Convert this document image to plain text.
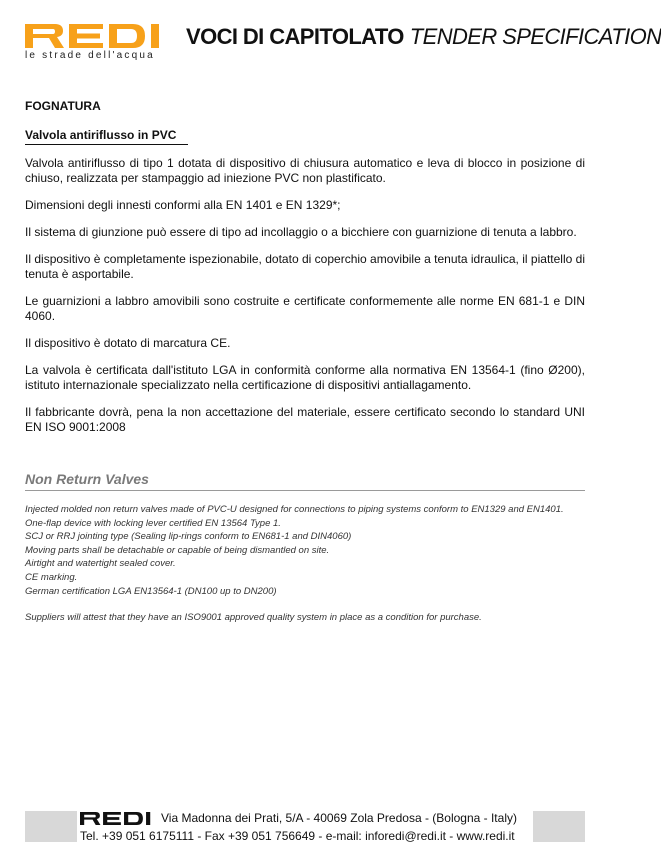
le strade dell'acqua
VOCI DI CAPITOLATO TENDER SPECIFICATION
FOGNATURA
Valvola antiriflusso in PVC

Valvola antiriflusso di tipo 1 dotata di dispositivo di chiusura automatico e leva di blocco in posizione di chiuso, realizzata per stampaggio ad iniezione PVC non plastificato.

Dimensioni degli innesti conformi alla EN 1401 e EN 1329*;

Il sistema di giunzione può essere di tipo ad incollaggio o a bicchiere con guarnizione di tenuta a labbro.

Il dispositivo è completamente ispezionabile, dotato di coperchio amovibile a tenuta idraulica, il piattello di tenuta è asportabile.

Le guarnizioni a labbro amovibili sono costruite e certificate conformemente alle norme EN 681-1 e DIN 4060.

Il dispositivo è dotato di marcatura CE.

La valvola è certificata dall'istituto LGA in conformità conforme alla normativa EN 13564-1 (fino Ø200), istituto internazionale specializzato nella certificazione di dispositivi antiallagamento.

Il fabbricante dovrà, pena la non accettazione del materiale, essere certificato secondo lo standard UNI EN ISO 9001:2008

Non Return Valves
Injected molded non return valves made of PVC-U designed for connections to piping systems conform to EN1329 and EN1401.
One-flap device with locking lever certified EN 13564 Type 1.
SCJ or RRJ jointing type (Sealing lip-rings conform to EN681-1 and DIN4060)
Moving parts shall be detachable or capable of being dismantled on site.
Airtight and watertight sealed cover.
CE marking.
German certification LGA EN13564-1 (DN100 up to DN200)
Suppliers will attest that they have an ISO9001 approved quality system in place as a condition for purchase.
Via Madonna dei Prati, 5/A - 40069 Zola Predosa - (Bologna - Italy)
Tel. +39 051 6175111 - Fax +39 051 756649 - e-mail: inforedi@redi.it - www.redi.it
